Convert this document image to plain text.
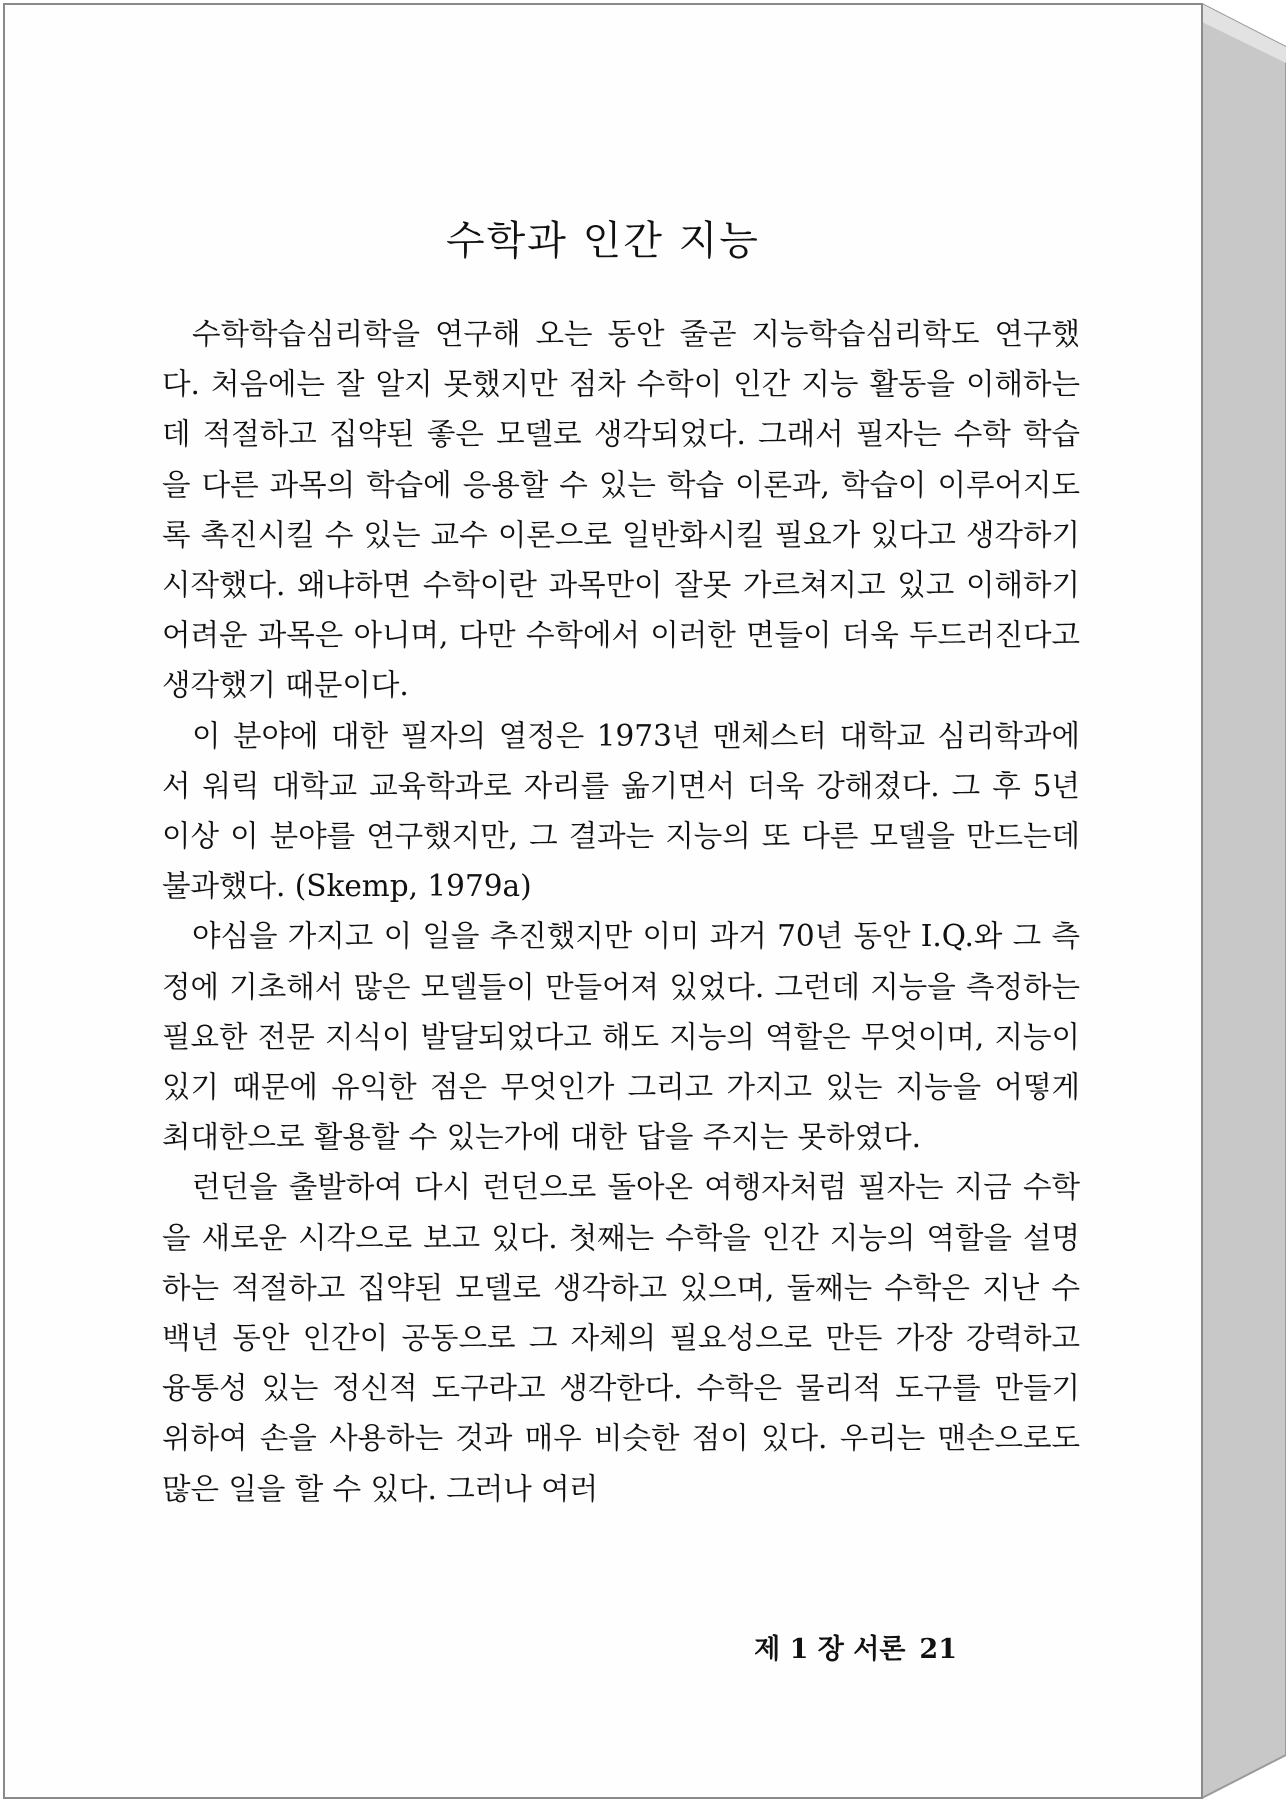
수학과 인간 지능

수학학습심리학을 연구해 오는 동안 줄곧 지능학습심리학도 연구했다. 처음에는 잘 알지 못했지만 점차 수학이 인간 지능 활동을 이해하는 데 적절하고 집약된 좋은 모델로 생각되었다. 그래서 필자는 수학 학습을 다른 과목의 학습에 응용할 수 있는 학습 이론과, 학습이 이루어지도록 촉진시킬 수 있는 교수 이론으로 일반화시킬 필요가 있다고 생각하기 시작했다. 왜냐하면 수학이란 과목만이 잘못 가르쳐지고 있고 이해하기 어려운 과목은 아니며, 다만 수학에서 이러한 면들이 더욱 두드러진다고 생각했기 때문이다.

이 분야에 대한 필자의 열정은 1973년 맨체스터 대학교 심리학과에서 워릭 대학교 교육학과로 자리를 옮기면서 더욱 강해졌다. 그 후 5년 이상 이 분야를 연구했지만, 그 결과는 지능의 또 다른 모델을 만드는데 불과했다. (Skemp, 1979a)

야심을 가지고 이 일을 추진했지만 이미 과거 70년 동안 I.Q.와 그 측정에 기초해서 많은 모델들이 만들어져 있었다. 그런데 지능을 측정하는 필요한 전문 지식이 발달되었다고 해도 지능의 역할은 무엇이며, 지능이 있기 때문에 유익한 점은 무엇인가 그리고 가지고 있는 지능을 어떻게 최대한으로 활용할 수 있는가에 대한 답을 주지는 못하였다.

런던을 출발하여 다시 런던으로 돌아온 여행자처럼 필자는 지금 수학을 새로운 시각으로 보고 있다. 첫째는 수학을 인간 지능의 역할을 설명하는 적절하고 집약된 모델로 생각하고 있으며, 둘째는 수학은 지난 수백년 동안 인간이 공동으로 그 자체의 필요성으로 만든 가장 강력하고 융통성 있는 정신적 도구라고 생각한다. 수학은 물리적 도구를 만들기 위하여 손을 사용하는 것과 매우 비슷한 점이 있다. 우리는 맨손으로도 많은 일을 할 수 있다. 그러나 여러

제 1 장 서론 21
